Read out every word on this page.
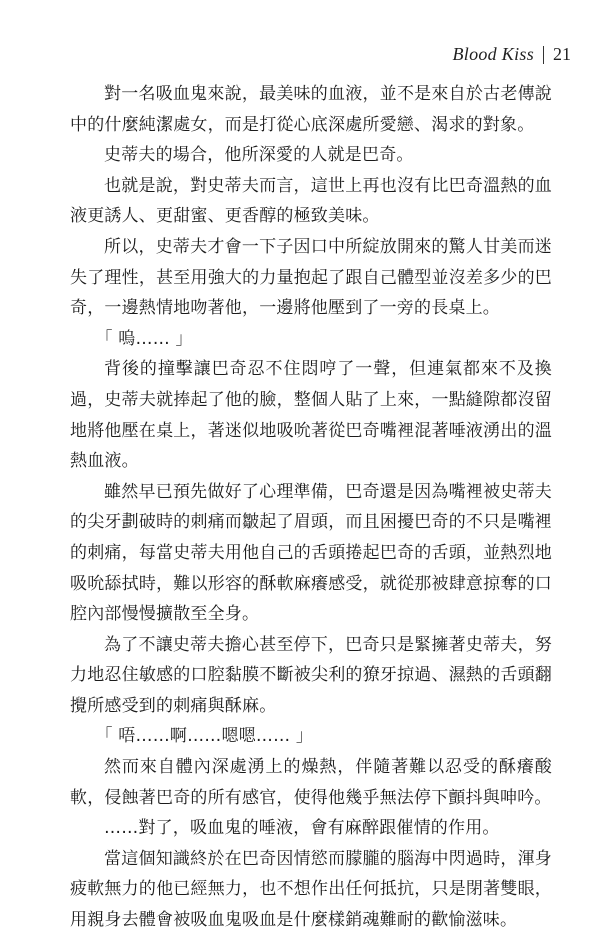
Blood Kiss 21

對一名吸血鬼來說，最美味的血液，並不是來自於古老傳說中的什麼純潔處女，而是打從心底深處所愛戀、渴求的對象。

史蒂夫的場合，他所深愛的人就是巴奇。

也就是說，對史蒂夫而言，這世上再也沒有比巴奇溫熱的血液更誘人、更甜蜜、更香醇的極致美味。

所以，史蒂夫才會一下子因口中所綻放開來的驚人甘美而迷失了理性，甚至用強大的力量抱起了跟自己體型並沒差多少的巴奇，一邊熱情地吻著他，一邊將他壓到了一旁的長桌上。

「 嗚…… 」

背後的撞擊讓巴奇忍不住悶哼了一聲，但連氣都來不及換過，史蒂夫就捧起了他的臉，整個人貼了上來，一點縫隙都沒留地將他壓在桌上，著迷似地吸吮著從巴奇嘴裡混著唾液湧出的溫熱血液。

雖然早已預先做好了心理準備，巴奇還是因為嘴裡被史蒂夫的尖牙劃破時的刺痛而皺起了眉頭，而且困擾巴奇的不只是嘴裡的刺痛，每當史蒂夫用他自己的舌頭捲起巴奇的舌頭，並熱烈地吸吮舔拭時，難以形容的酥軟麻癢感受，就從那被肆意掠奪的口腔內部慢慢擴散至全身。

為了不讓史蒂夫擔心甚至停下，巴奇只是緊擁著史蒂夫，努力地忍住敏感的口腔黏膜不斷被尖利的獠牙掠過、濕熱的舌頭翻攪所感受到的刺痛與酥麻。

「 唔……啊……嗯嗯…… 」

然而來自體內深處湧上的燥熱，伴隨著難以忍受的酥癢酸軟，侵蝕著巴奇的所有感官，使得他幾乎無法停下顫抖與呻吟。

……對了，吸血鬼的唾液，會有麻醉跟催情的作用。

當這個知識終於在巴奇因情慾而朦朧的腦海中閃過時，渾身疲軟無力的他已經無力，也不想作出任何抵抗，只是閉著雙眼，用親身去體會被吸血鬼吸血是什麼樣銷魂難耐的歡愉滋味。
